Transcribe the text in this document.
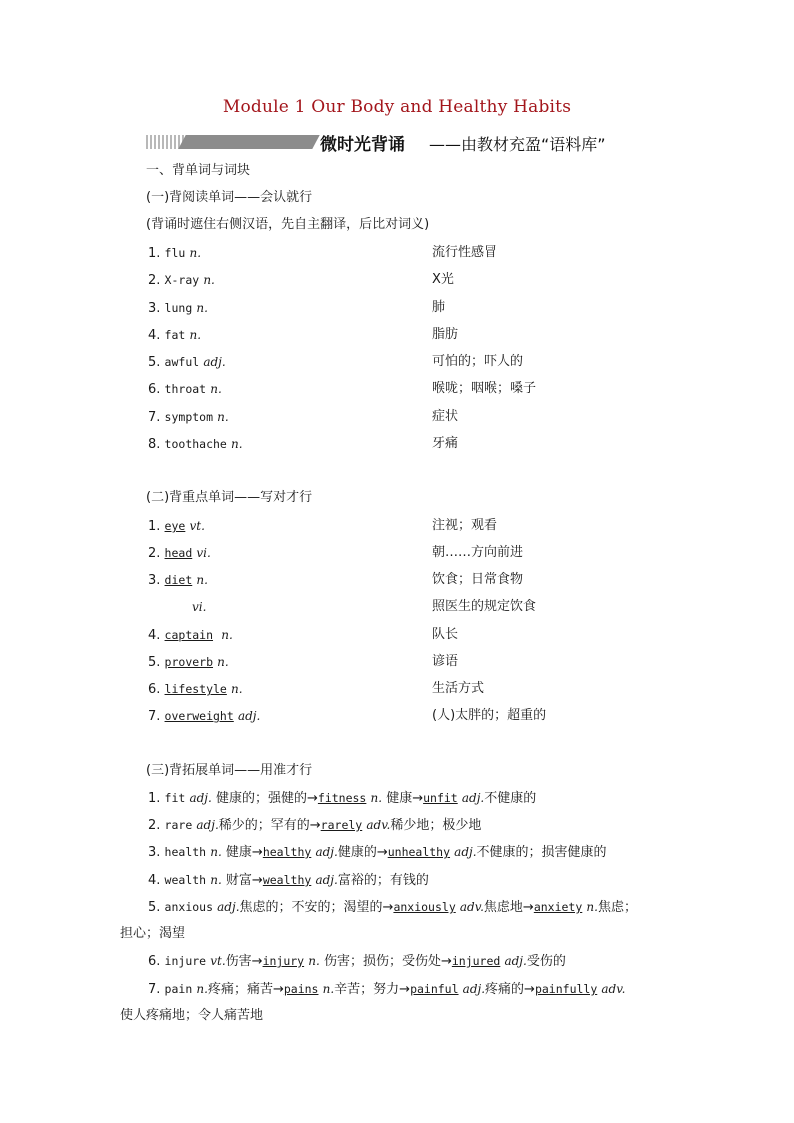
Module 1 Our Body and Healthy Habits
微时光背诵 ——由教材充盈“语料库”
一、背单词与词块
(一)背阅读单词——会认就行
(背诵时遮住右侧汉语，先自主翻译，后比对词义)
1. flu n.	流行性感冒
2. X-ray n.	X光
3. lung n.	肺
4. fat n.	脂肪
5. awful adj.	可怕的；吓人的
6. throat n.	喉咙；咽喉；嗓子
7. symptom n.	症状
8. toothache n.	牙痛
(二)背重点单词——写对才行
1. eye vt.	注视；观看
2. head vi.	朝……方向前进
3. diet n.	饮食；日常食物
vi.	照医生的规定饮食
4. captain n.	队长
5. proverb n.	谚语
6. lifestyle n.	生活方式
7. overweight adj.	(人)太胖的；超重的
(三)背拓展单词——用准才行
1. fit adj. 健康的；强健的→fitness n. 健康→unfit adj.不健康的
2. rare adj.稀少的；罕有的→rarely adv.稀少地；极少地
3. health n. 健康→healthy adj.健康的→unhealthy adj.不健康的；损害健康的
4. wealth n. 财富→wealthy adj.富裕的；有钱的
5. anxious adj.焦虑的；不安的；渴望的→anxiously adv.焦虑地→anxiety n.焦虑；
担心；渴望
6. injure vt.伤害→injury n. 伤害；损伤；受伤处→injured adj.受伤的
7. pain n.疼痛；痛苦→pains n.辛苦；努力→painful adj.疼痛的→painfully adv.
使人疼痛地；令人痛苦地
